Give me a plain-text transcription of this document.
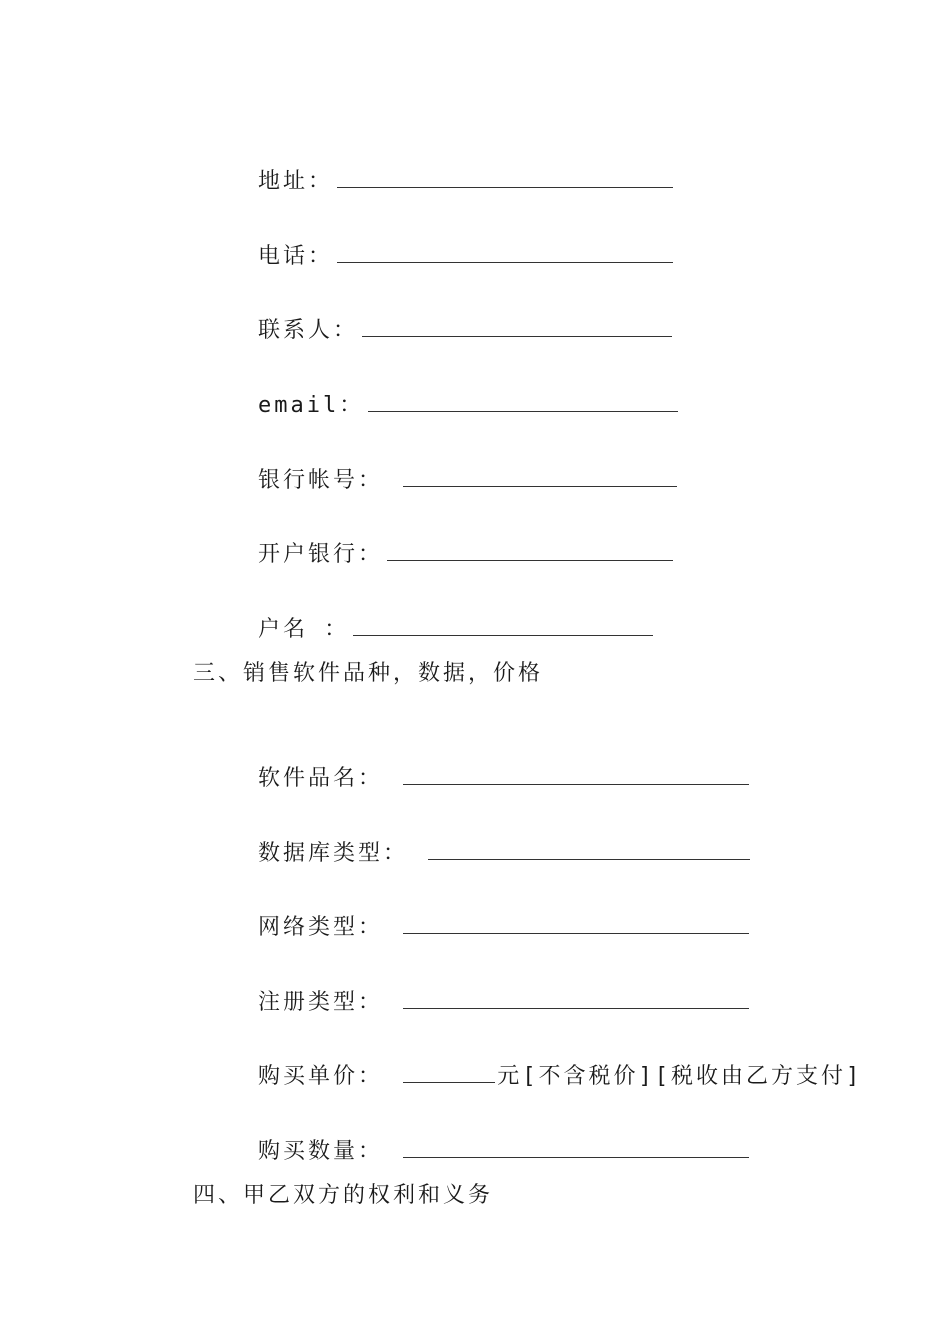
地址：

电话：

联系人：

email：

银行帐号：

开户银行：

户名 ：

三、销售软件品种，数据，价格

软件品名：

数据库类型：

网络类型：

注册类型：

购买单价：	元[不含税价][税收由乙方支付]

购买数量：

四、甲乙双方的权利和义务
